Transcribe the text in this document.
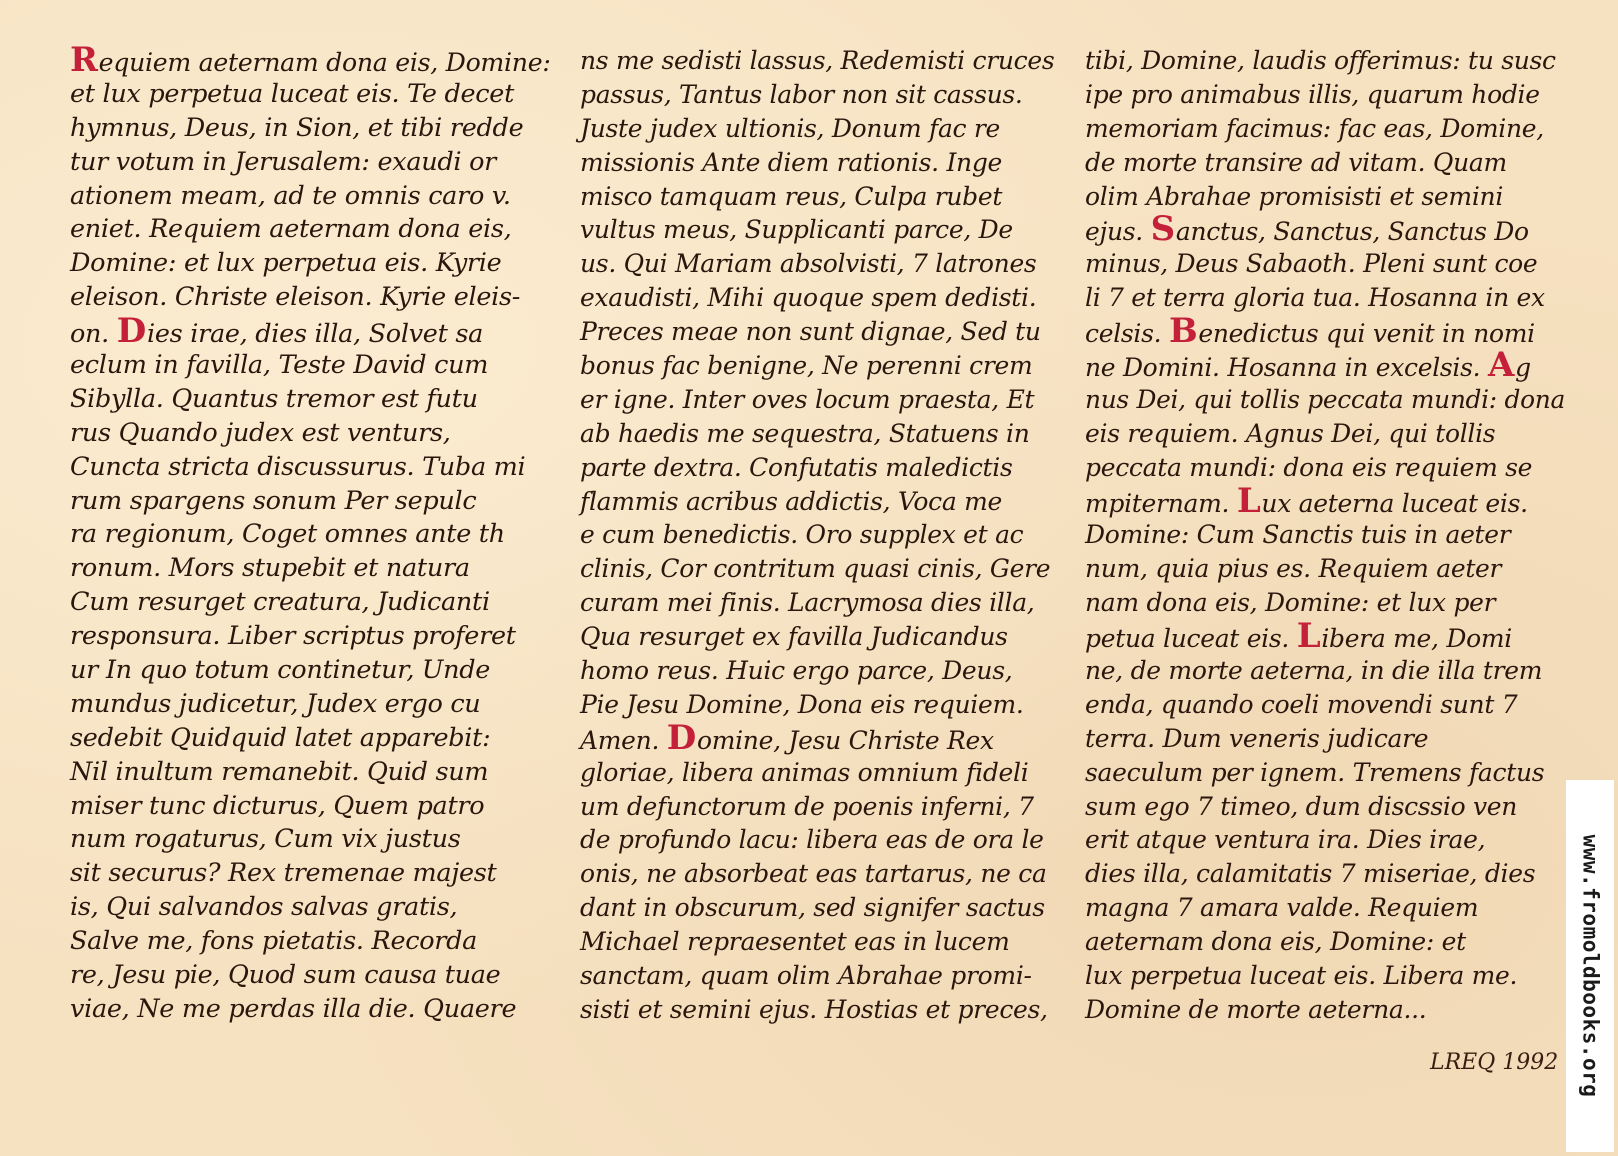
Requiem aeternam dona eis, Domine:
et lux perpetua luceat eis. Te decet
hymnus, Deus, in Sion, et tibi redde
tur votum in Jerusalem: exaudi or
ationem meam, ad te omnis caro v.
eniet. Requiem aeternam dona eis,
Domine: et lux perpetua eis. Kyrie
eleison. Christe eleison. Kyrie eleis-
on. Dies irae, dies illa, Solvet sa
eclum in favilla, Teste David cum
Sibylla. Quantus tremor est futu
rus Quando judex est venturs,
Cuncta stricta discussurus. Tuba mi
rum spargens sonum Per sepulc
ra regionum, Coget omnes ante th
ronum. Mors stupebit et natura
Cum resurget creatura, Judicanti
responsura. Liber scriptus proferet
ur In quo totum continetur, Unde
mundus judicetur, Judex ergo cu
sedebit Quidquid latet apparebit:
Nil inultum remanebit. Quid sum
miser tunc dicturus, Quem patro
num rogaturus, Cum vix justus
sit securus? Rex tremenae majest
is, Qui salvandos salvas gratis,
Salve me, fons pietatis. Recorda
re, Jesu pie, Quod sum causa tuae
viae, Ne me perdas illa die. Quaere
ns me sedisti lassus, Redemisti cruces
passus, Tantus labor non sit cassus.
Juste judex ultionis, Donum fac re
missionis Ante diem rationis. Inge
misco tamquam reus, Culpa rubet
vultus meus, Supplicanti parce, De
us. Qui Mariam absolvisti, 7 latrones
exaudisti, Mihi quoque spem dedisti.
Preces meae non sunt dignae, Sed tu
bonus fac benigne, Ne perenni crem
er igne. Inter oves locum praesta, Et
ab haedis me sequestra, Statuens in
parte dextra. Confutatis maledictis
flammis acribus addictis, Voca me
e cum benedictis. Oro supplex et ac
clinis, Cor contritum quasi cinis, Gere
curam mei finis. Lacrymosa dies illa,
Qua resurget ex favilla Judicandus
homo reus. Huic ergo parce, Deus,
Pie Jesu Domine, Dona eis requiem.
Amen. Domine, Jesu Christe Rex
gloriae, libera animas omnium fideli
um defunctorum de poenis inferni, 7
de profundo lacu: libera eas de ora le
onis, ne absorbeat eas tartarus, ne ca
dant in obscurum, sed signifer sactus
Michael repraesentet eas in lucem
sanctam, quam olim Abrahae promi-
sisti et semini ejus. Hostias et preces,
tibi, Domine, laudis offerimus: tu susc
ipe pro animabus illis, quarum hodie
memoriam facimus: fac eas, Domine,
de morte transire ad vitam. Quam
olim Abrahae promisisti et semini
ejus. Sanctus, Sanctus, Sanctus Do
minus, Deus Sabaoth. Pleni sunt coe
li 7 et terra gloria tua. Hosanna in ex
celsis. Benedictus qui venit in nomi
ne Domini. Hosanna in excelsis. Ag
nus Dei, qui tollis peccata mundi: dona
eis requiem. Agnus Dei, qui tollis
peccata mundi: dona eis requiem se
mpiternam. Lux aeterna luceat eis.
Domine: Cum Sanctis tuis in aeter
num, quia pius es. Requiem aeter
nam dona eis, Domine: et lux per
petua luceat eis. Libera me, Domi
ne, de morte aeterna, in die illa trem
enda, quando coeli movendi sunt 7
terra. Dum veneris judicare
saeculum per ignem. Tremens factus
sum ego 7 timeo, dum discssio ven
erit atque ventura ira. Dies irae,
dies illa, calamitatis 7 miseriae, dies
magna 7 amara valde. Requiem
aeternam dona eis, Domine: et
lux perpetua luceat eis. Libera me.
Domine de morte aeterna...
LREQ 1992 www.fromoldbooks.org
